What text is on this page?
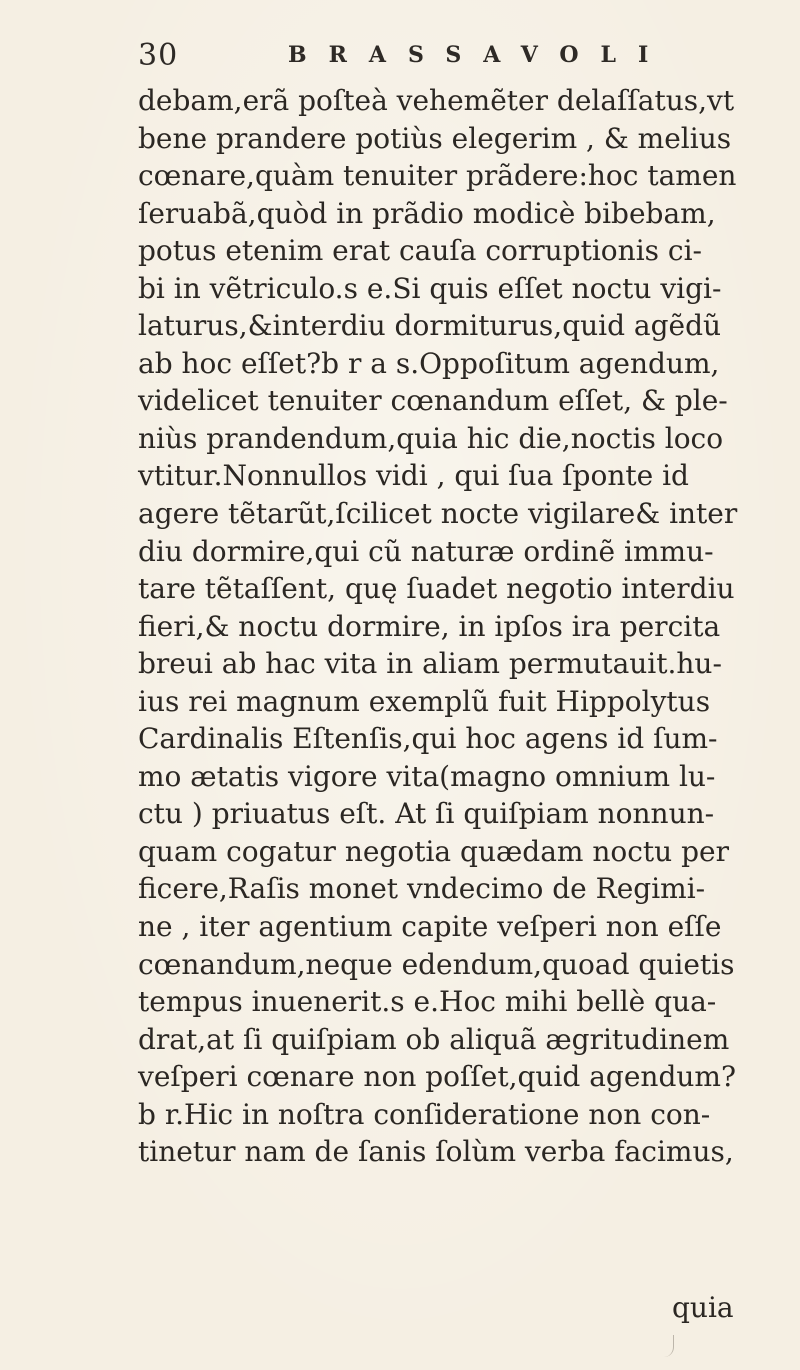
30	BRASSAVOLI
debam,erã poſteà vehemẽter delaſſatus,vt
bene prandere potiùs elegerim , & melius
cœnare,quàm tenuiter prãdere:hoc tamen
ſeruabã,quòd in prãdio modicè bibebam,
potus etenim erat cauſa corruptionis ci-
bi in vẽtriculo.s e.Si quis eſſet noctu vigi-
laturus,&interdiu dormiturus,quid agẽdũ
ab hoc eſſet?b r a s.Oppoſitum agendum,
videlicet tenuiter cœnandum eſſet, & ple-
niùs prandendum,quia hic die,noctis loco
vtitur.Nonnullos vidi , qui ſua ſponte id
agere tẽtarũt,ſcilicet nocte vigilare& inter
diu dormire,qui cũ naturæ ordinẽ immu-
tare tẽtaſſent, quę ſuadet negotio interdiu
fieri,& noctu dormire, in ipſos ira percita
breui ab hac vita in aliam permutauit.hu-
ius rei magnum exemplũ fuit Hippolytus
Cardinalis Eſtenſis,qui hoc agens id ſum-
mo ætatis vigore vita(magno omnium lu-
ctu ) priuatus eſt. At ſi quiſpiam nonnun-
quam cogatur negotia quædam noctu per
ficere,Raſis monet vndecimo de Regimi-
ne , iter agentium capite veſperi non eſſe
cœnandum,neque edendum,quoad quietis
tempus inuenerit.s e.Hoc mihi bellè qua-
drat,at ſi quiſpiam ob aliquã ægritudinem
veſperi cœnare non poſſet,quid agendum?
b r.Hic in noſtra conſideratione non con-
tinetur nam de ſanis ſolùm verba facimus,
quia
